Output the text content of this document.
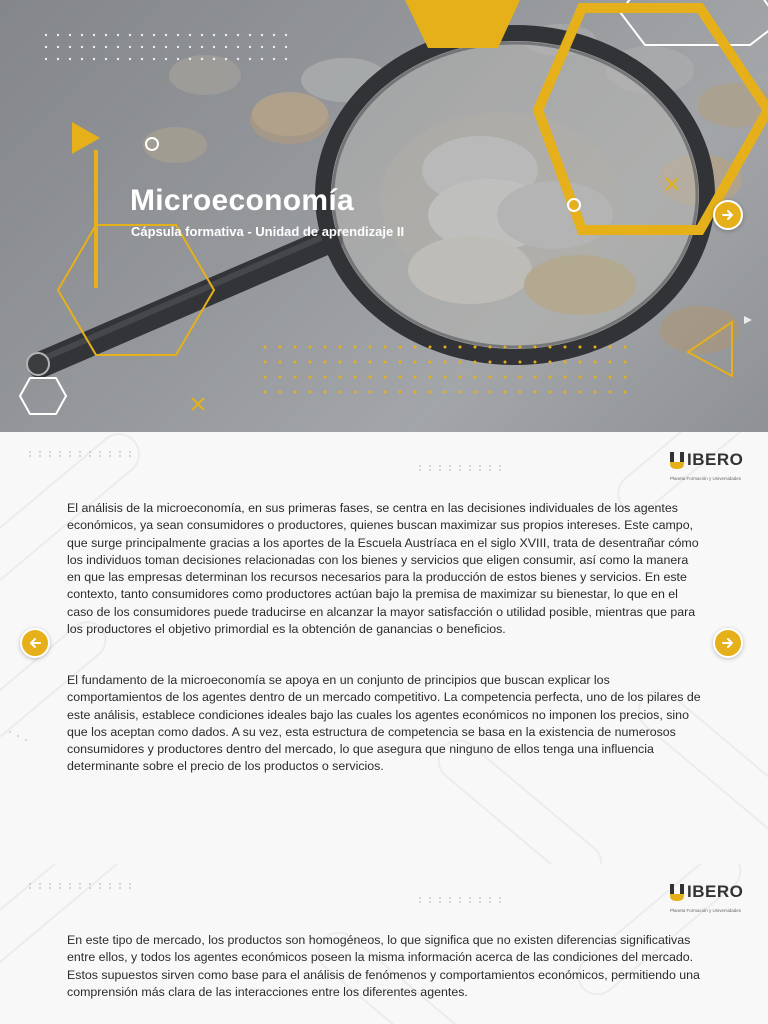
Microeconomía

Cápsula formativa - Unidad de aprendizaje II

IBERO
Planeta Formación y Universidades

El análisis de la microeconomía, en sus primeras fases, se centra en las decisiones individuales de los agentes económicos, ya sean consumidores o productores, quienes buscan maximizar sus propios intereses. Este campo, que surge principalmente gracias a los aportes de la Escuela Austríaca en el siglo XVIII, trata de desentrañar cómo los individuos toman decisiones relacionadas con los bienes y servicios que eligen consumir, así como la manera en que las empresas determinan los recursos necesarios para la producción de estos bienes y servicios. En este contexto, tanto consumidores como productores actúan bajo la premisa de maximizar su bienestar, lo que en el caso de los consumidores puede traducirse en alcanzar la mayor satisfacción o utilidad posible, mientras que para los productores el objetivo primordial es la obtención de ganancias o beneficios.

El fundamento de la microeconomía se apoya en un conjunto de principios que buscan explicar los comportamientos de los agentes dentro de un mercado competitivo. La competencia perfecta, uno de los pilares de este análisis, establece condiciones ideales bajo las cuales los agentes económicos no imponen los precios, sino que los aceptan como dados. A su vez, esta estructura de competencia se basa en la existencia de numerosos consumidores y productores dentro del mercado, lo que asegura que ninguno de ellos tenga una influencia determinante sobre el precio de los productos o servicios.

IBERO
Planeta Formación y Universidades

En este tipo de mercado, los productos son homogéneos, lo que significa que no existen diferencias significativas entre ellos, y todos los agentes económicos poseen la misma información acerca de las condiciones del mercado. Estos supuestos sirven como base para el análisis de fenómenos y comportamientos económicos, permitiendo una comprensión más clara de las interacciones entre los diferentes agentes.
